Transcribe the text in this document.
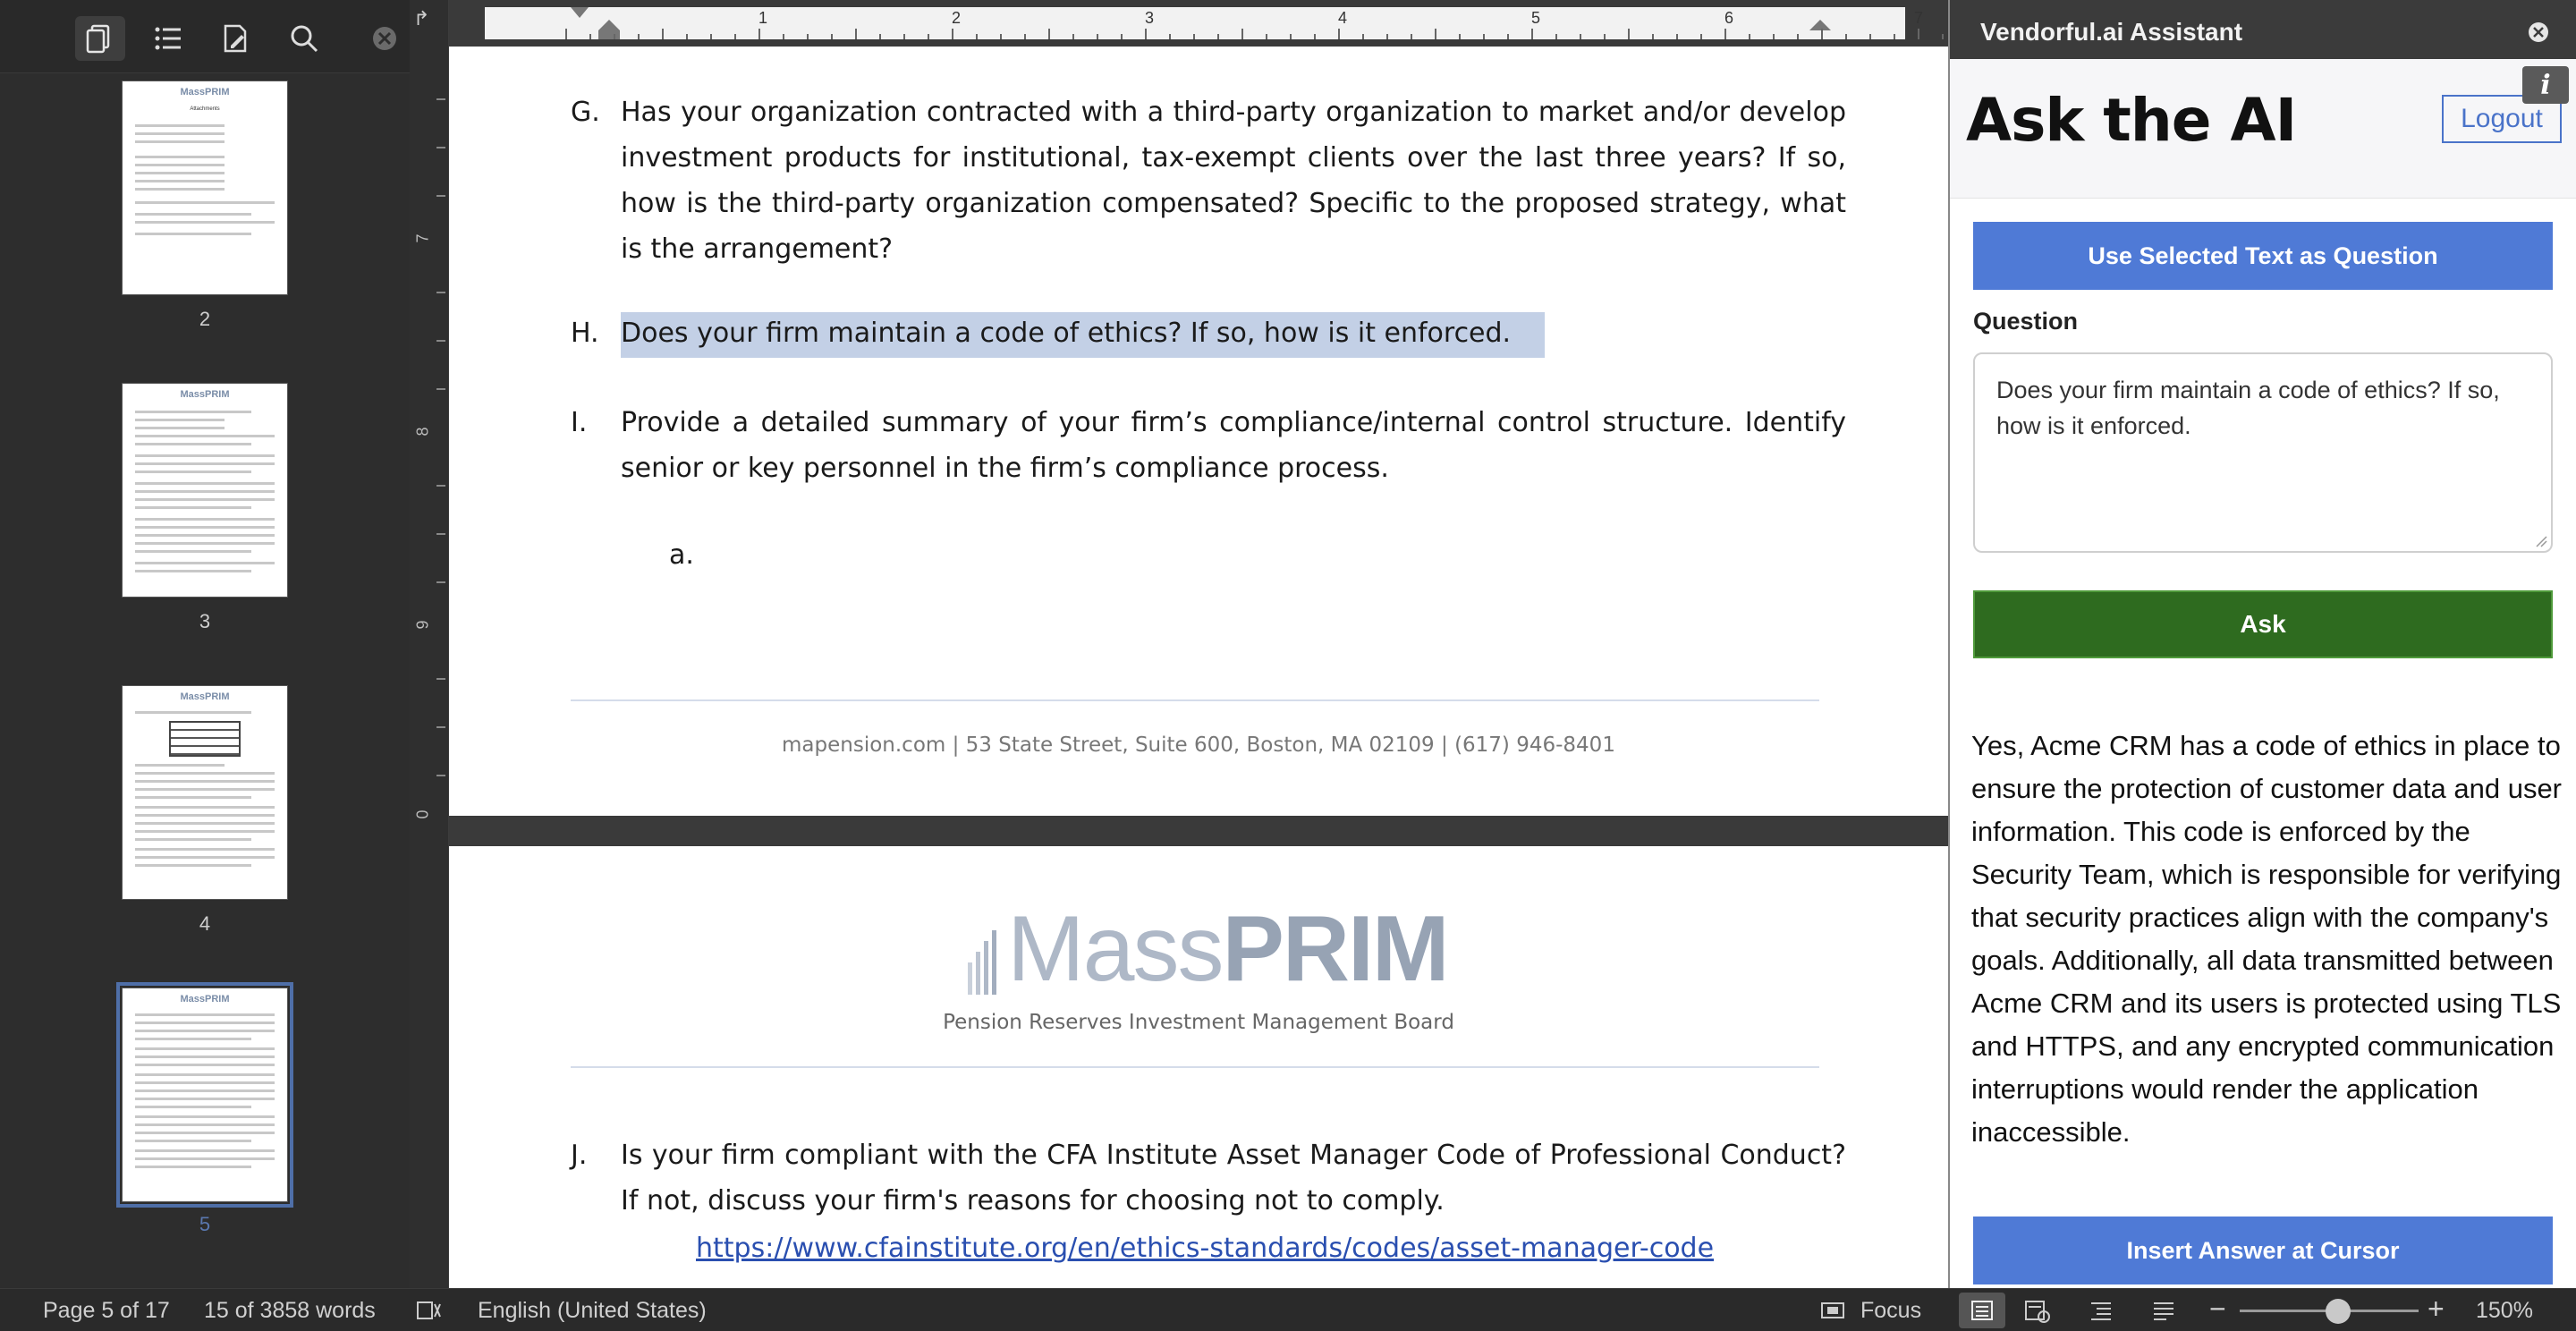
MassPRIM
Attachments
2
MassPRIM
3
MassPRIM
4
MassPRIM
5
↱
7
8
9
0
1	2	3	4	5	6	7
G. Has your organization contracted with a third-party organization to market and/or develop investment products for institutional, tax-exempt clients over the last three years? If so, how is the third-party organization compensated? Specific to the proposed strategy, what is the arrangement?
H. Does your firm maintain a code of ethics? If so, how is it enforced.
I.	Provide a detailed summary of your firm’s compliance/internal control structure. Identify senior or key personnel in the firm’s compliance process.
a.
mapension.com | 53 State Street, Suite 600, Boston, MA 02109 | (617) 946-8401
MassPRIM
Pension Reserves Investment Management Board
J.	Is your firm compliant with the CFA Institute Asset Manager Code of Professional Conduct? If not, discuss your firm's reasons for choosing not to comply.
https://www.cfainstitute.org/en/ethics-standards/codes/asset-manager-code
Vendorful.ai Assistant
Ask the AI	Logout
i
Use Selected Text as Question
Question
Does your firm maintain a code of ethics? If so, how is it enforced.
Ask
Yes, Acme CRM has a code of ethics in place to ensure the protection of customer data and user information. This code is enforced by the Security Team, which is responsible for verifying that security practices align with the company's goals. Additionally, all data transmitted between Acme CRM and its users is protected using TLS and HTTPS, and any encrypted communication interruptions would render the application inaccessible.
Insert Answer at Cursor
Page 5 of 17 15 of 3858 words	English (United States)	Focus	−	+ 150%
